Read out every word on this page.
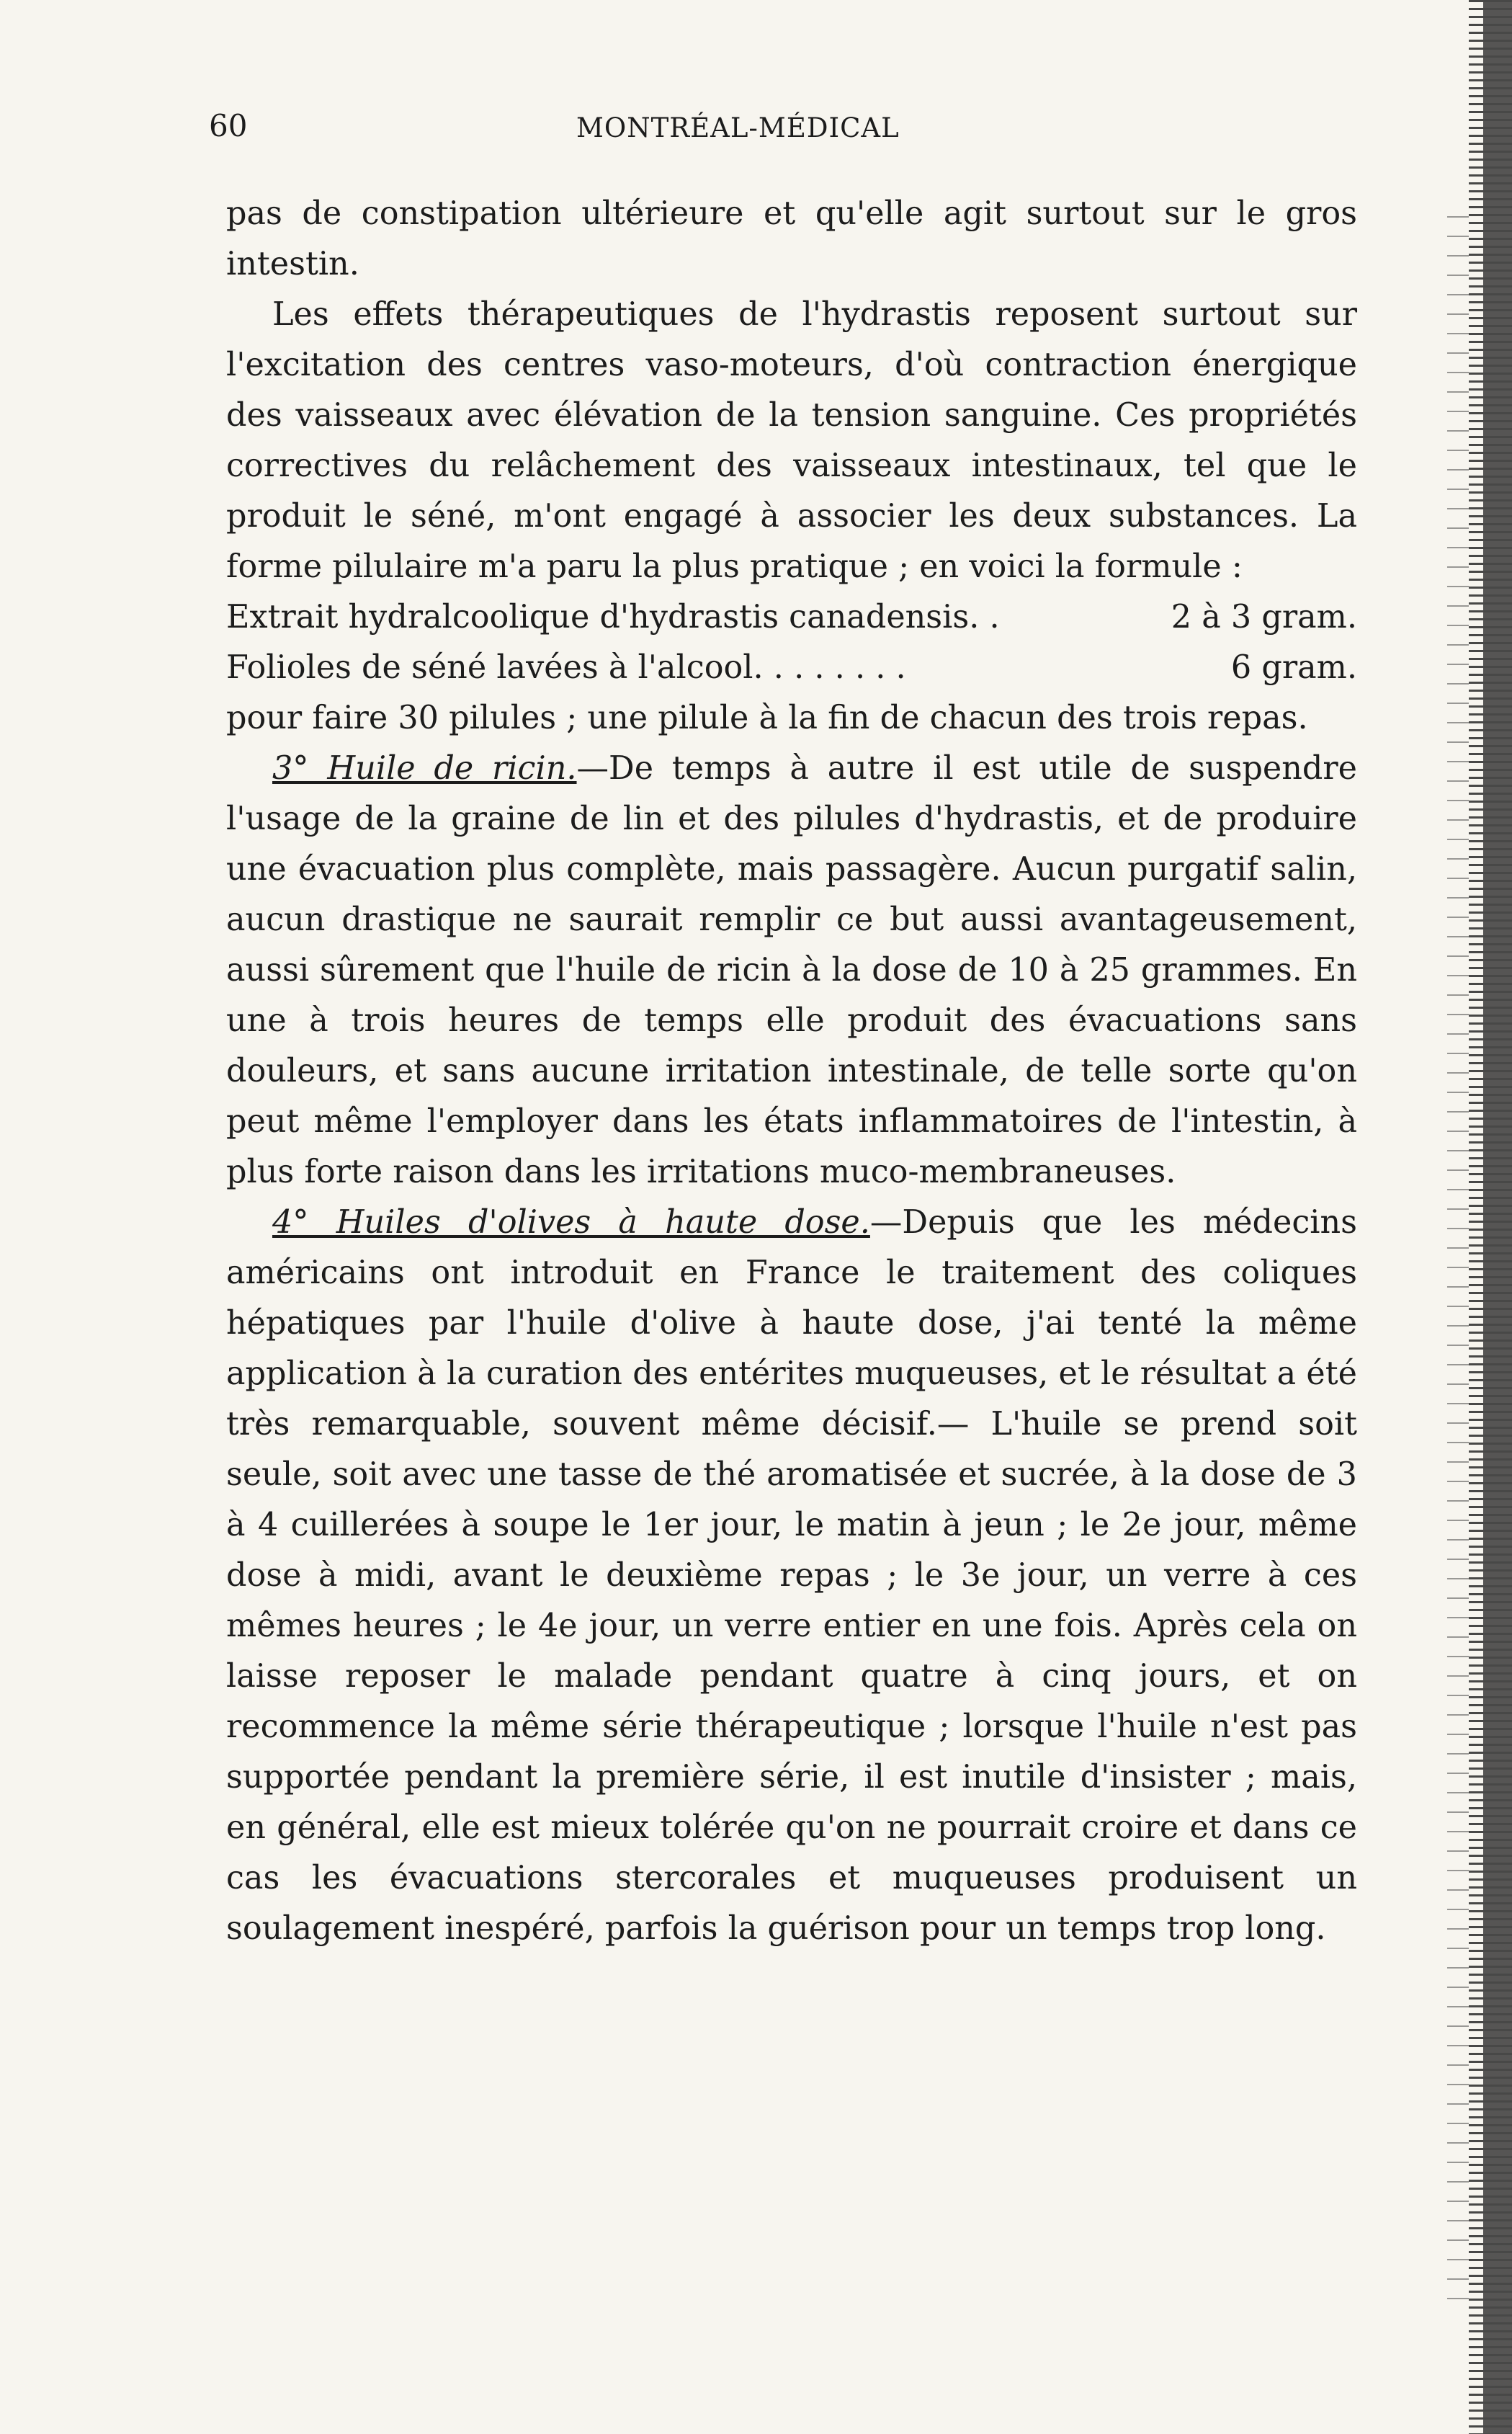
60	MONTRÉAL-MÉDICAL

pas de constipation ultérieure et qu'elle agit surtout sur le gros intestin.

Les effets thérapeutiques de l'hydrastis reposent surtout sur l'excitation des centres vaso-moteurs, d'où contraction énergique des vaisseaux avec élévation de la tension sanguine. Ces propriétés correctives du relâchement des vaisseaux intestinaux, tel que le produit le séné, m'ont engagé à associer les deux substances. La forme pilulaire m'a paru la plus pratique ; en voici la formule :

Extrait hydralcoolique d'hydrastis canadensis. .	2 à 3 gram.

Folioles de séné lavées à l'alcool. . . . . . . .	6 gram.

pour faire 30 pilules ; une pilule à la fin de chacun des trois repas.

3° Huile de ricin.—De temps à autre il est utile de suspendre l'usage de la graine de lin et des pilules d'hydrastis, et de produire une évacuation plus complète, mais passagère. Aucun purgatif salin, aucun drastique ne saurait remplir ce but aussi avantageusement, aussi sûrement que l'huile de ricin à la dose de 10 à 25 grammes. En une à trois heures de temps elle produit des évacuations sans douleurs, et sans aucune irritation intestinale, de telle sorte qu'on peut même l'employer dans les états inflammatoires de l'intestin, à plus forte raison dans les irritations muco-membraneuses.

4° Huiles d'olives à haute dose.—Depuis que les médecins américains ont introduit en France le traitement des coliques hépatiques par l'huile d'olive à haute dose, j'ai tenté la même application à la curation des entérites muqueuses, et le résultat a été très remarquable, souvent même décisif.— L'huile se prend soit seule, soit avec une tasse de thé aromatisée et sucrée, à la dose de 3 à 4 cuillerées à soupe le 1er jour, le matin à jeun ; le 2e jour, même dose à midi, avant le deuxième repas ; le 3e jour, un verre à ces mêmes heures ; le 4e jour, un verre entier en une fois. Après cela on laisse reposer le malade pendant quatre à cinq jours, et on recommence la même série thérapeutique ; lorsque l'huile n'est pas supportée pendant la première série, il est inutile d'insister ; mais, en général, elle est mieux tolérée qu'on ne pourrait croire et dans ce cas les évacuations stercorales et muqueuses produisent un soulagement inespéré, parfois la guérison pour un temps trop long.
